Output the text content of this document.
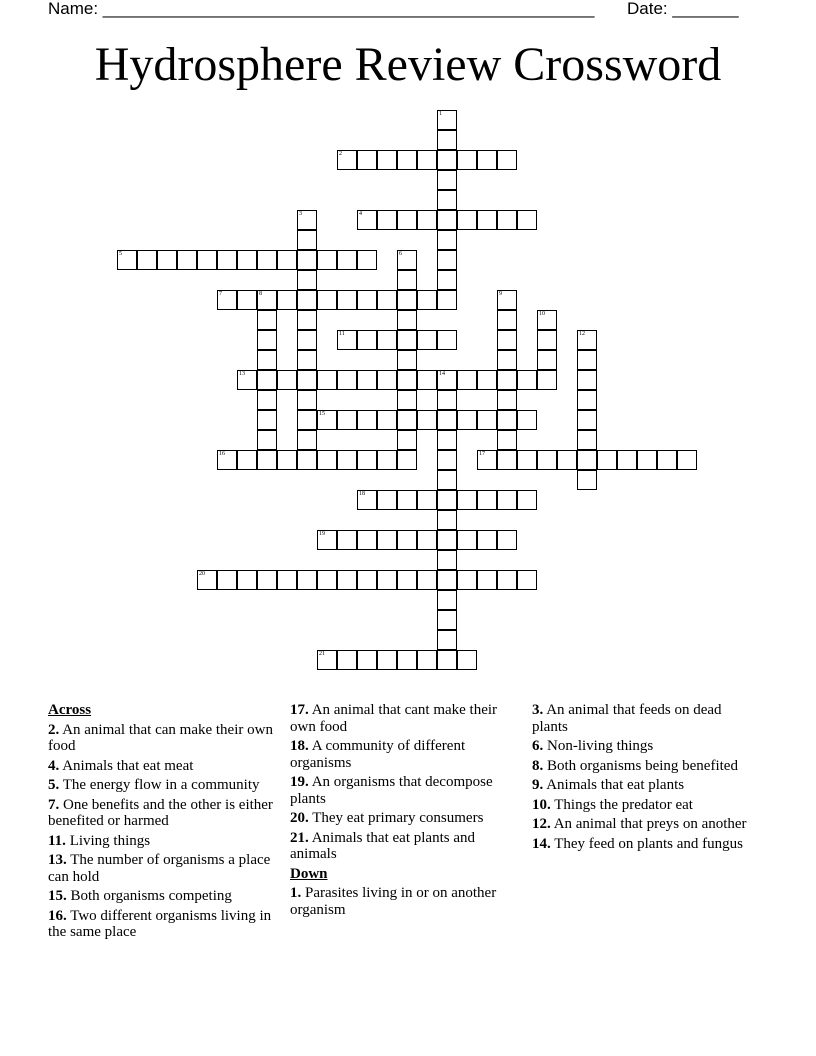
Name: ____________________________________________________ Date: _______
Hydrosphere Review Crossword
1
2
3	4
5	6
7	8	9
10
11	12
13	14
15
16	17
18
19
20
21
Across
2. An animal that can make their own food
4. Animals that eat meat
5. The energy flow in a community
7. One benefits and the other is either benefited or harmed
11. Living things
13. The number of organisms a place can hold
15. Both organisms competing
16. Two different organisms living in the same place
17. An animal that cant make their own food
18. A community of different organisms
19. An organisms that decompose plants
20. They eat primary consumers
21. Animals that eat plants and animals
Down
1. Parasites living in or on another organism
3. An animal that feeds on dead plants
6. Non-living things
8. Both organisms being benefited
9. Animals that eat plants
10. Things the predator eat
12. An animal that preys on another
14. They feed on plants and fungus
